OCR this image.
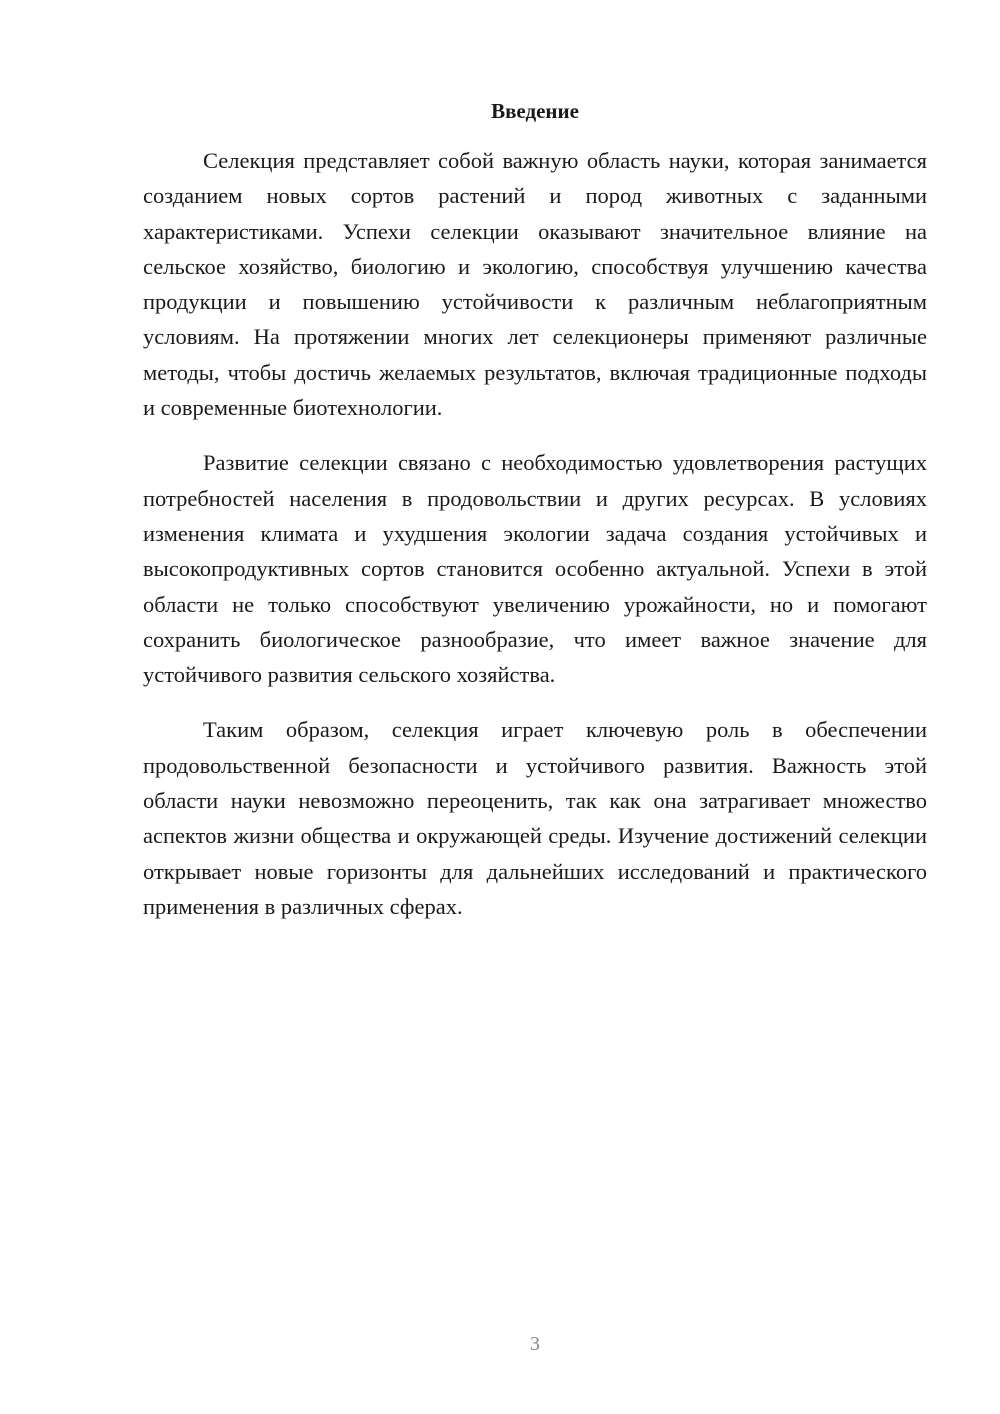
Введение

Селекция представляет собой важную область науки, которая занимается созданием новых сортов растений и пород животных с заданными характеристиками. Успехи селекции оказывают значительное влияние на сельское хозяйство, биологию и экологию, способствуя улучшению качества продукции и повышению устойчивости к различным неблагоприятным условиям. На протяжении многих лет селекционеры применяют различные методы, чтобы достичь желаемых результатов, включая традиционные подходы и современные биотехнологии.

Развитие селекции связано с необходимостью удовлетворения растущих потребностей населения в продовольствии и других ресурсах. В условиях изменения климата и ухудшения экологии задача создания устойчивых и высокопродуктивных сортов становится особенно актуальной. Успехи в этой области не только способствуют увеличению урожайности, но и помогают сохранить биологическое разнообразие, что имеет важное значение для устойчивого развития сельского хозяйства.

Таким образом, селекция играет ключевую роль в обеспечении продовольственной безопасности и устойчивого развития. Важность этой области науки невозможно переоценить, так как она затрагивает множество аспектов жизни общества и окружающей среды. Изучение достижений селекции открывает новые горизонты для дальнейших исследований и практического применения в различных сферах.

3
